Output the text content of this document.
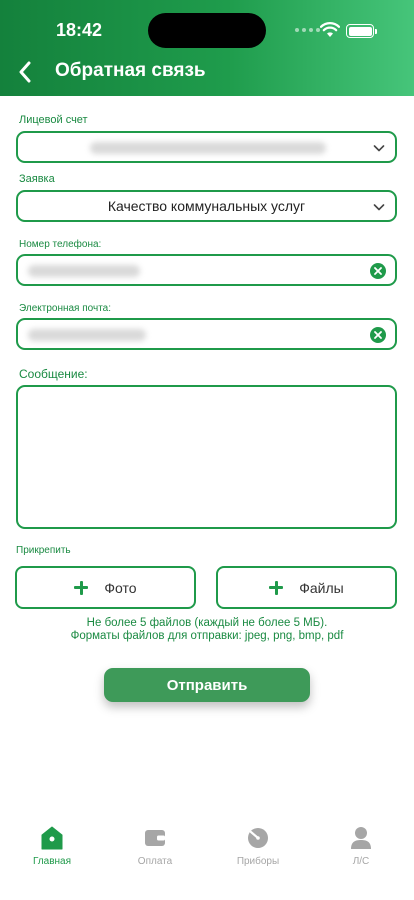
18:42
Обратная связь
Лицевой счет
Заявка
Качество коммунальных услуг
Номер телефона:
Электронная почта:
Сообщение:
Прикрепить
Фото	Файлы
Не более 5 файлов (каждый не более 5 МБ).
Форматы файлов для отправки: jpeg, png, bmp, pdf
Отправить
Главная	Оплата	Приборы	Л/С
